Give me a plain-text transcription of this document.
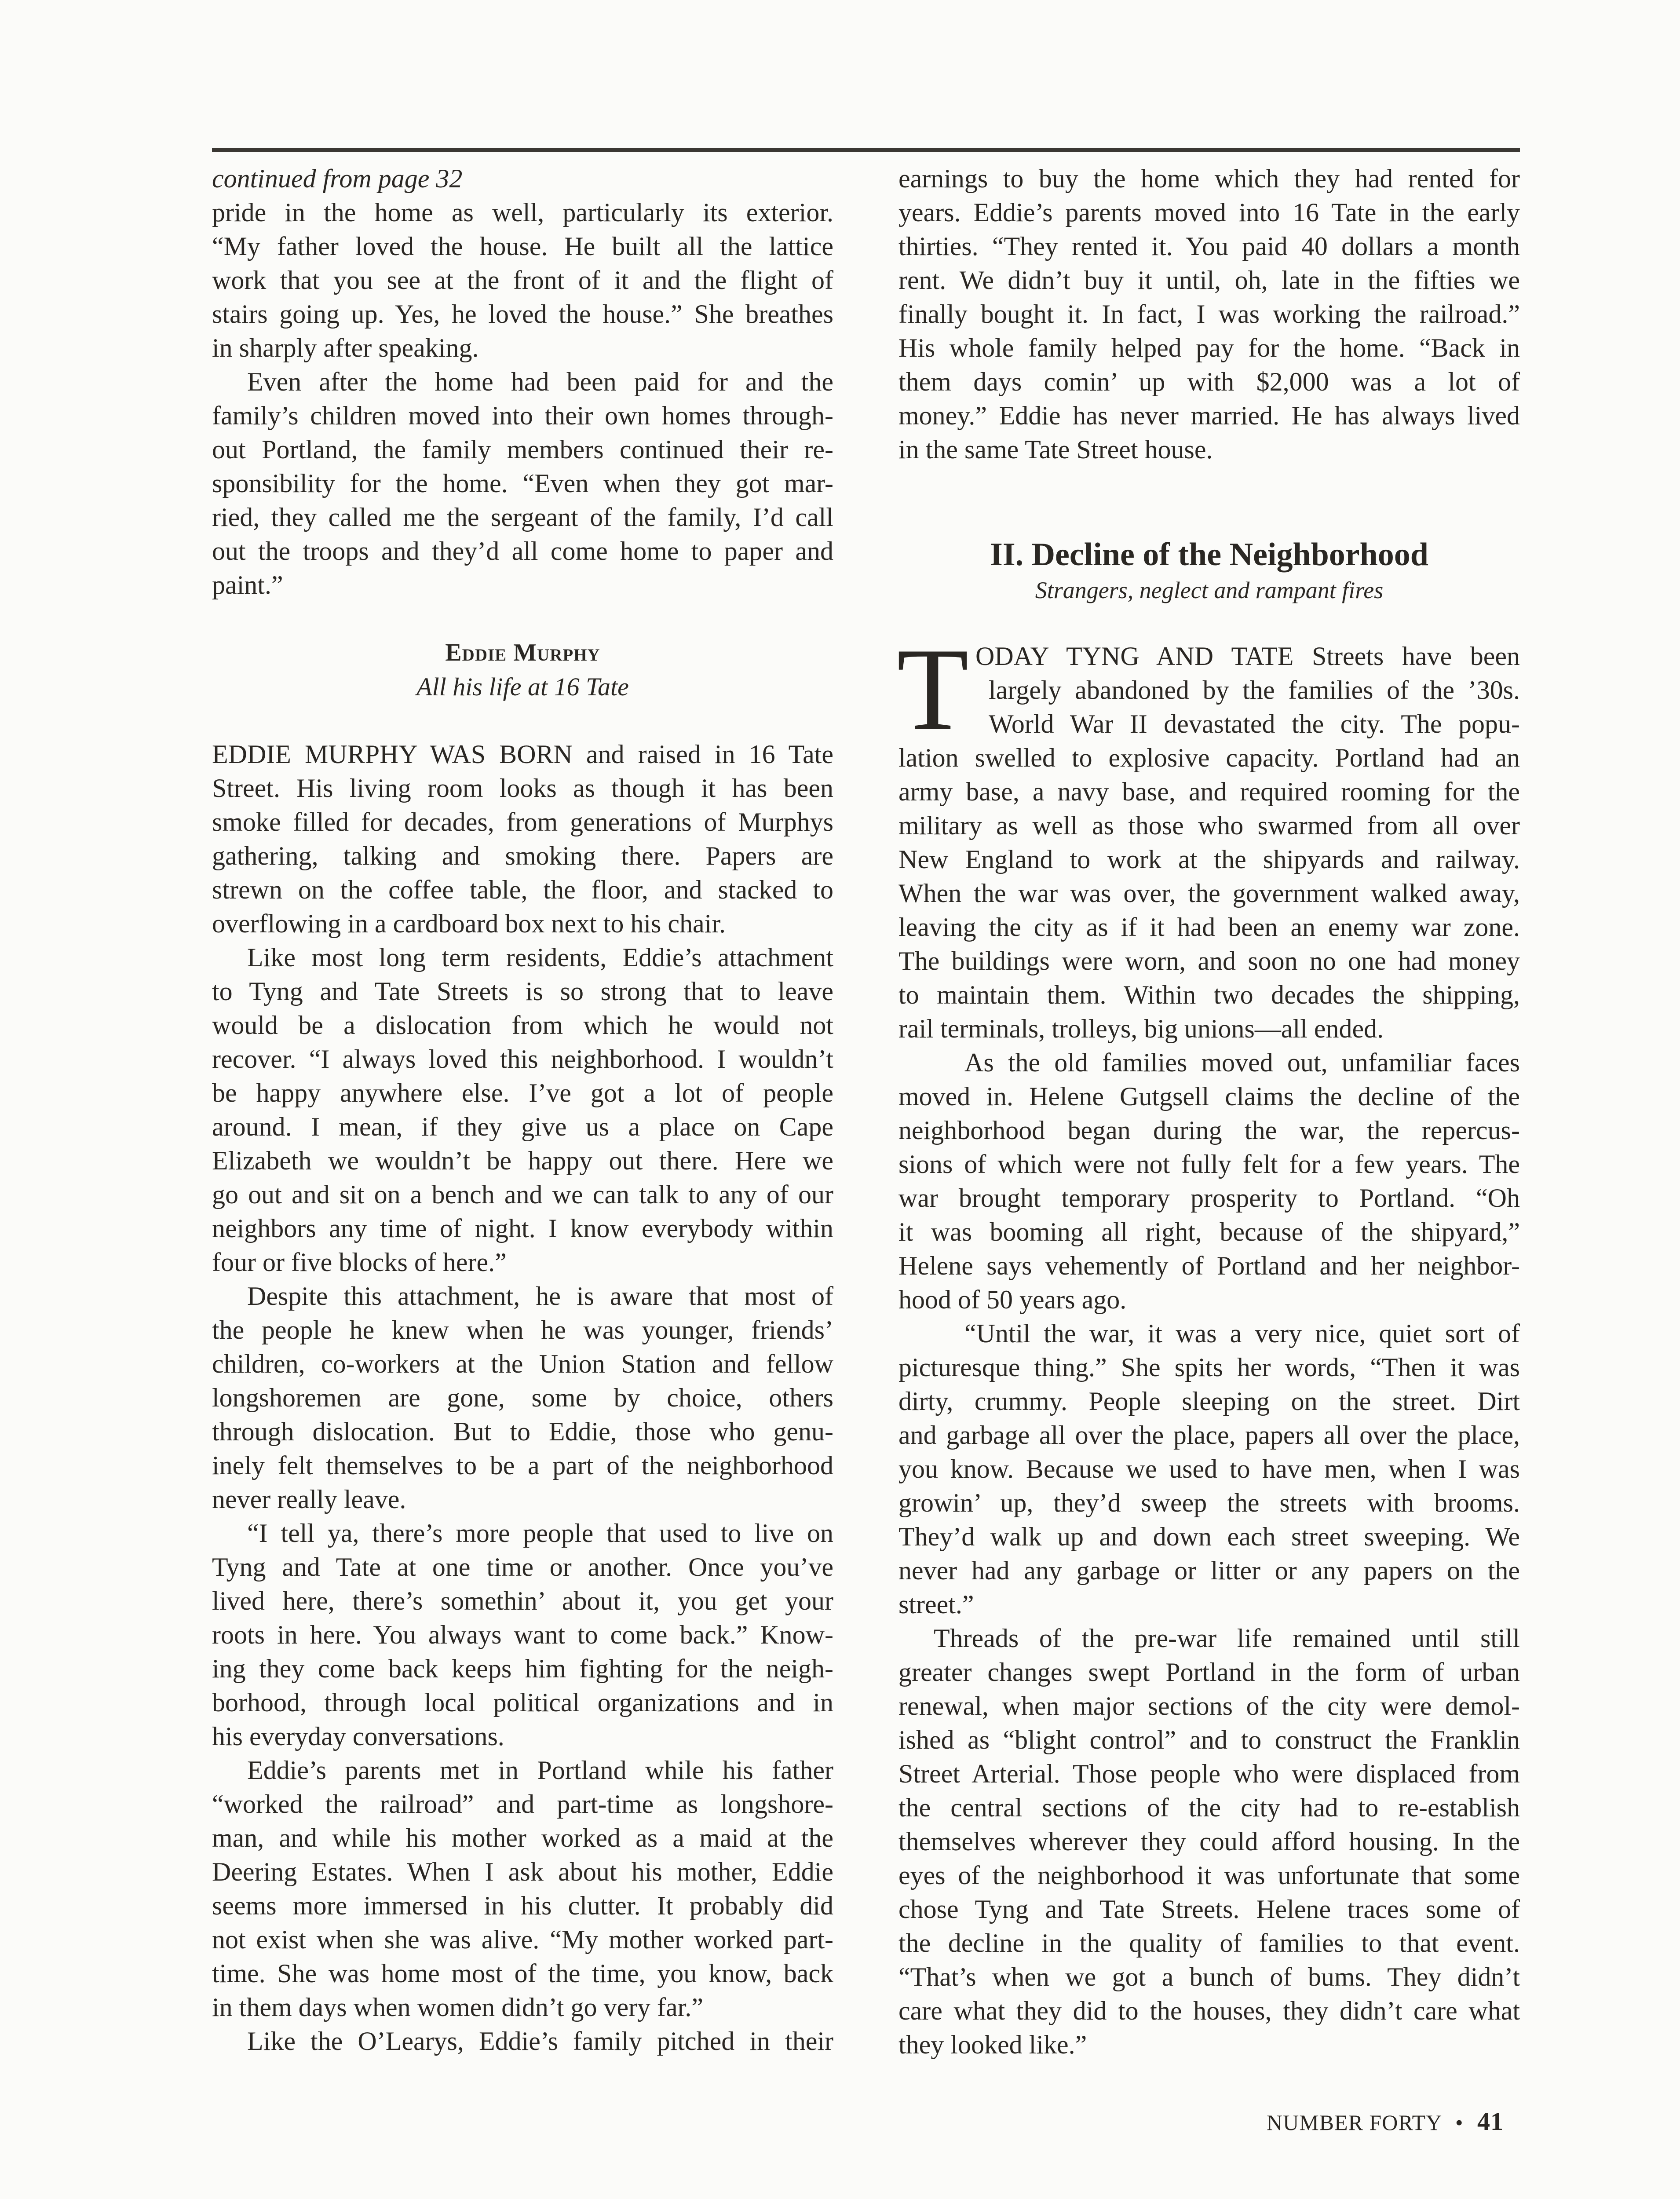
continued from page 32
pride in the home as well, particularly its exterior.
“My father loved the house. He built all the lattice
work that you see at the front of it and the flight of
stairs going up. Yes, he loved the house.” She breathes
in sharply after speaking.
Even after the home had been paid for and the
family’s children moved into their own homes through-
out Portland, the family members continued their re-
sponsibility for the home. “Even when they got mar-
ried, they called me the sergeant of the family, I’d call
out the troops and they’d all come home to paper and
paint.”
Eddie Murphy
All his life at 16 Tate
EDDIE MURPHY WAS BORN and raised in 16 Tate
Street. His living room looks as though it has been
smoke filled for decades, from generations of Murphys
gathering, talking and smoking there. Papers are
strewn on the coffee table, the floor, and stacked to
overflowing in a cardboard box next to his chair.
Like most long term residents, Eddie’s attachment
to Tyng and Tate Streets is so strong that to leave
would be a dislocation from which he would not
recover. “I always loved this neighborhood. I wouldn’t
be happy anywhere else. I’ve got a lot of people
around. I mean, if they give us a place on Cape
Elizabeth we wouldn’t be happy out there. Here we
go out and sit on a bench and we can talk to any of our
neighbors any time of night. I know everybody within
four or five blocks of here.”
Despite this attachment, he is aware that most of
the people he knew when he was younger, friends’
children, co-workers at the Union Station and fellow
longshoremen are gone, some by choice, others
through dislocation. But to Eddie, those who genu-
inely felt themselves to be a part of the neighborhood
never really leave.
“I tell ya, there’s more people that used to live on
Tyng and Tate at one time or another. Once you’ve
lived here, there’s somethin’ about it, you get your
roots in here. You always want to come back.” Know-
ing they come back keeps him fighting for the neigh-
borhood, through local political organizations and in
his everyday conversations.
Eddie’s parents met in Portland while his father
“worked the railroad” and part-time as longshore-
man, and while his mother worked as a maid at the
Deering Estates. When I ask about his mother, Eddie
seems more immersed in his clutter. It probably did
not exist when she was alive. “My mother worked part-
time. She was home most of the time, you know, back
in them days when women didn’t go very far.”
Like the O’Learys, Eddie’s family pitched in their
earnings to buy the home which they had rented for
years. Eddie’s parents moved into 16 Tate in the early
thirties. “They rented it. You paid 40 dollars a month
rent. We didn’t buy it until, oh, late in the fifties we
finally bought it. In fact, I was working the railroad.”
His whole family helped pay for the home. “Back in
them days comin’ up with $2,000 was a lot of
money.” Eddie has never married. He has always lived
in the same Tate Street house.
II. Decline of the Neighborhood
Strangers, neglect and rampant fires
T ODAY TYNG AND TATE Streets have been
largely abandoned by the families of the ’30s.
World War II devastated the city. The popu-
lation swelled to explosive capacity. Portland had an
army base, a navy base, and required rooming for the
military as well as those who swarmed from all over
New England to work at the shipyards and railway.
When the war was over, the government walked away,
leaving the city as if it had been an enemy war zone.
The buildings were worn, and soon no one had money
to maintain them. Within two decades the shipping,
rail terminals, trolleys, big unions—all ended.
As the old families moved out, unfamiliar faces
moved in. Helene Gutgsell claims the decline of the
neighborhood began during the war, the repercus-
sions of which were not fully felt for a few years. The
war brought temporary prosperity to Portland. “Oh
it was booming all right, because of the shipyard,”
Helene says vehemently of Portland and her neighbor-
hood of 50 years ago.
“Until the war, it was a very nice, quiet sort of
picturesque thing.” She spits her words, “Then it was
dirty, crummy. People sleeping on the street. Dirt
and garbage all over the place, papers all over the place,
you know. Because we used to have men, when I was
growin’ up, they’d sweep the streets with brooms.
They’d walk up and down each street sweeping. We
never had any garbage or litter or any papers on the
street.”
Threads of the pre-war life remained until still
greater changes swept Portland in the form of urban
renewal, when major sections of the city were demol-
ished as “blight control” and to construct the Franklin
Street Arterial. Those people who were displaced from
the central sections of the city had to re-establish
themselves wherever they could afford housing. In the
eyes of the neighborhood it was unfortunate that some
chose Tyng and Tate Streets. Helene traces some of
the decline in the quality of families to that event.
“That’s when we got a bunch of bums. They didn’t
care what they did to the houses, they didn’t care what
they looked like.”
NUMBER FORTY • 41
